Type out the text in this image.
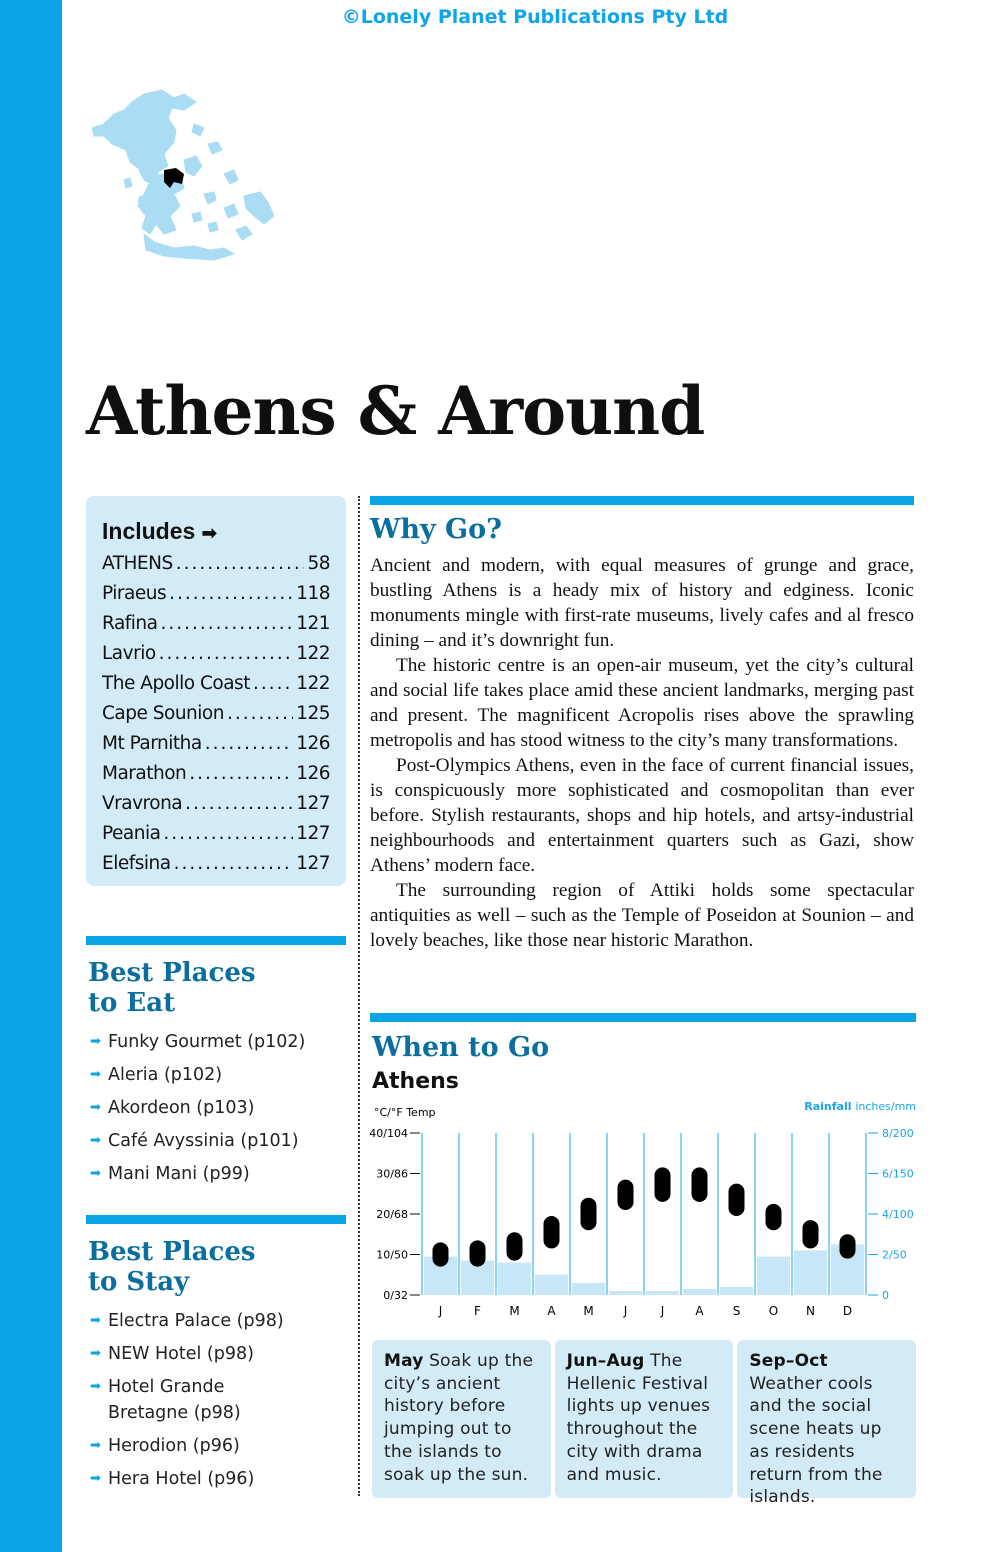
©Lonely Planet Publications Pty Ltd
Athens & Around
Includes ➡
ATHENS .....	58
Piraeus .....	118
Rafina .....	121
Lavrio .....	122
The Apollo Coast ..... 122
Cape Sounion .....	125
Mt Parnitha .....	126
Marathon .....	126
Vravrona .....	127
Peania .....	127
Elefsina .....	127
Best Places
to Eat
➡ Funky Gourmet (p102)
➡ Aleria (p102)
➡ Akordeon (p103)
➡ Café Avyssinia (p101)
➡ Mani Mani (p99)
Best Places
to Stay
➡ Electra Palace (p98)
➡ NEW Hotel (p98)
➡ Hotel Grande Bretagne (p98)
➡ Herodion (p96)
➡ Hera Hotel (p96)
Why Go?

Ancient and modern, with equal measures of grunge and grace, bustling Athens is a heady mix of history and edginess. Iconic monuments mingle with first-rate museums, lively cafes and al fresco dining – and it’s downright fun.

The historic centre is an open-air museum, yet the city’s cultural and social life takes place amid these ancient landmarks, merging past and present. The magnificent Acropolis rises above the sprawling metropolis and has stood witness to the city’s many transformations.

Post-Olympics Athens, even in the face of current financial issues, is conspicuously more sophisticated and cosmopolitan than ever before. Stylish restaurants, shops and hip hotels, and artsy-industrial neighbourhoods and entertainment quarters such as Gazi, show Athens’ modern face.

The surrounding region of Attiki holds some spectacular antiquities as well – such as the Temple of Poseidon at Sounion – and lovely beaches, like those near historic Marathon.

When to Go
Athens
°C/°F Temp	Rainfall inches/mm
0/32
10/50
20/68
30/86
40/104
0
2/50
4/100
6/150
8/200
J	F M A M	J	J	A S O N D
May Soak up the city’s ancient history before jumping out to the islands to soak up the sun.
Jun–Aug The Hellenic Festival lights up venues throughout the city with drama and music.
Sep–Oct Weather cools and the social scene heats up as residents return from the islands.
